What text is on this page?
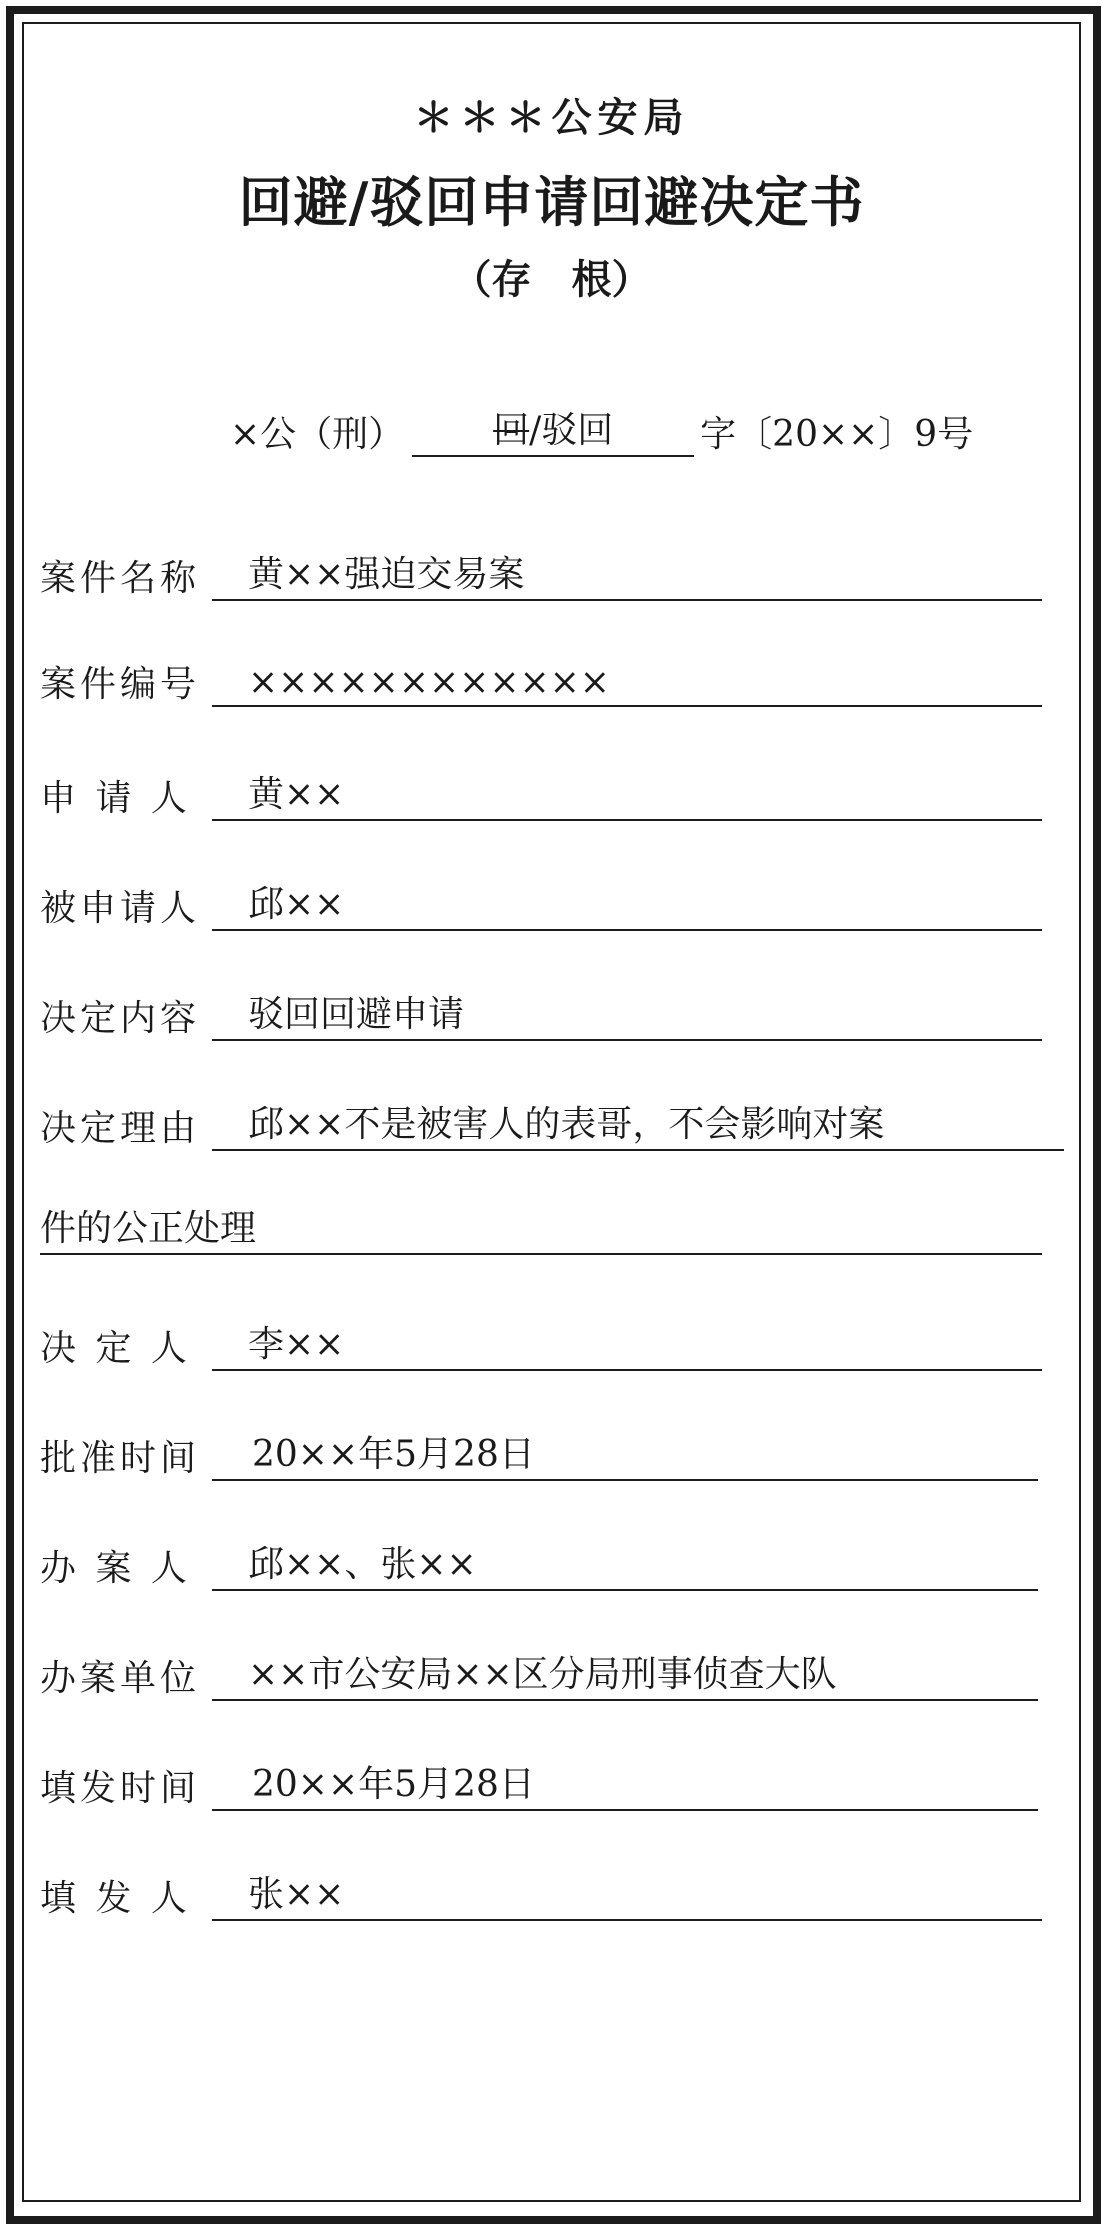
＊＊＊公安局
回避/驳回申请回避决定书
（存　根）
×公（刑）	回/驳回	字〔20××〕9号
案件名称	黄××强迫交易案
案件编号	××××××××××××
申 请 人	黄××
被申请人	邱××
决定内容	驳回回避申请
决定理由	邱××不是被害人的表哥，不会影响对案
件的公正处理
决 定 人	李××
批准时间	20××年5月28日
办 案 人	邱××、张××
办案单位	××市公安局××区分局刑事侦查大队
填发时间	20××年5月28日
填 发 人	张××
